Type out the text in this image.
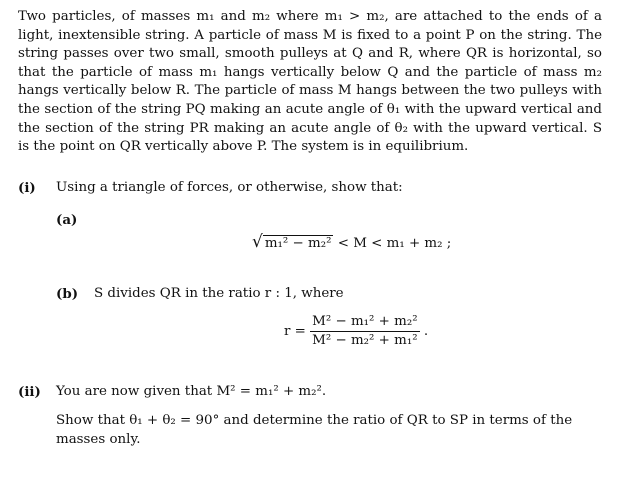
Two particles, of masses m₁ and m₂ where m₁ > m₂, are attached to the ends of a light, inextensible string. A particle of mass M is fixed to a point P on the string. The string passes over two small, smooth pulleys at Q and R, where QR is horizontal, so that the particle of mass m₁ hangs vertically below Q and the particle of mass m₂ hangs vertically below R. The particle of mass M hangs between the two pulleys with the section of the string PQ making an acute angle of θ₁ with the upward vertical and the section of the string PR making an acute angle of θ₂ with the upward vertical. S is the point on QR vertically above P. The system is in equilibrium.

(i) Using a triangle of forces, or otherwise, show that:
(a)
√ m₁² − m₂² < M < m₁ + m₂ ;
(b) S divides QR in the ratio r : 1, where
$r = \frac{\text{M² − m₁² + m₂²}}{\text{M² − m₂² + m₁²}}$ .
(ii) You are now given that M² = m₁² + m₂².
Show that θ₁ + θ₂ = 90° and determine the ratio of QR to SP in terms of the masses only.
